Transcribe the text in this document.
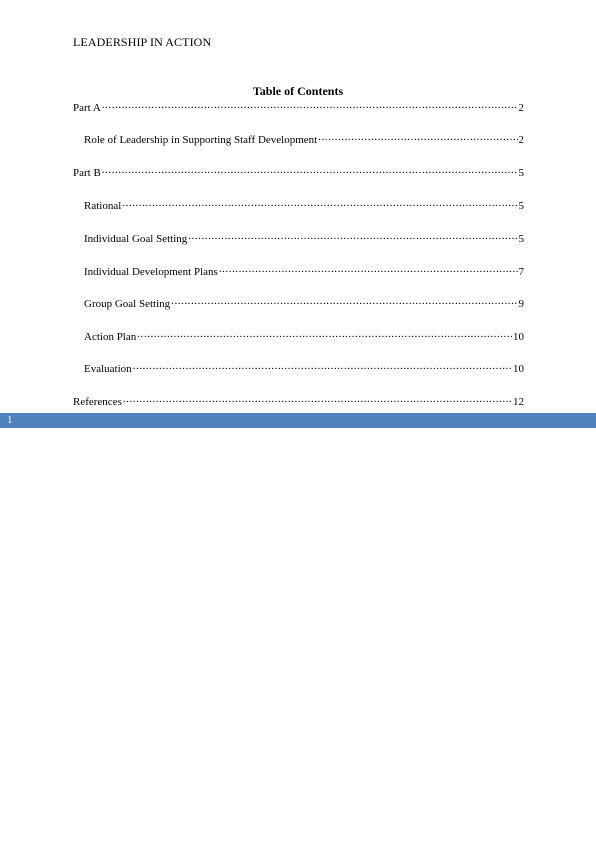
LEADERSHIP IN ACTION
Table of Contents
Part A .....	2
Role of Leadership in Supporting Staff Development .....	2
Part B .....	5
Rational .....	5
Individual Goal Setting .....	5
Individual Development Plans .....	7
Group Goal Setting .....	9
Action Plan .....	10
Evaluation .....	10
References .....	12
1
